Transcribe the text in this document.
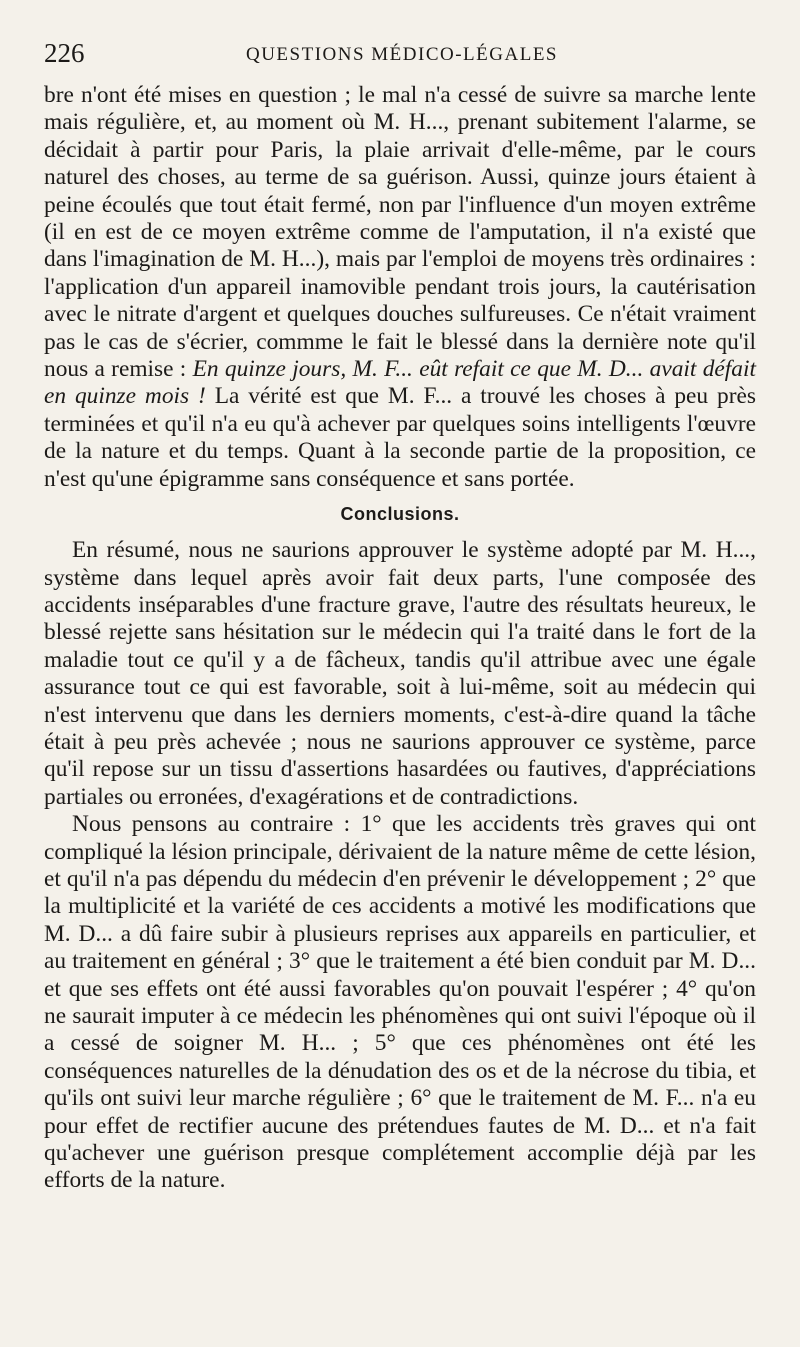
226	QUESTIONS MÉDICO-LÉGALES

bre n'ont été mises en question ; le mal n'a cessé de suivre sa marche lente mais régulière, et, au moment où M. H..., prenant subitement l'alarme, se décidait à partir pour Paris, la plaie arrivait d'elle-même, par le cours naturel des choses, au terme de sa guérison. Aussi, quinze jours étaient à peine écoulés que tout était fermé, non par l'influence d'un moyen extrême (il en est de ce moyen extrême comme de l'amputation, il n'a existé que dans l'imagination de M. H...), mais par l'emploi de moyens très ordinaires : l'application d'un appareil inamovible pendant trois jours, la cautérisation avec le nitrate d'argent et quelques douches sulfureuses. Ce n'était vraiment pas le cas de s'écrier, commme le fait le blessé dans la dernière note qu'il nous a remise : En quinze jours, M. F... eût refait ce que M. D... avait défait en quinze mois ! La vérité est que M. F... a trouvé les choses à peu près terminées et qu'il n'a eu qu'à achever par quelques soins intelligents l'œuvre de la nature et du temps. Quant à la seconde partie de la proposition, ce n'est qu'une épigramme sans conséquence et sans portée.

Conclusions.

En résumé, nous ne saurions approuver le système adopté par M. H..., système dans lequel après avoir fait deux parts, l'une composée des accidents inséparables d'une fracture grave, l'autre des résultats heureux, le blessé rejette sans hésitation sur le médecin qui l'a traité dans le fort de la maladie tout ce qu'il y a de fâcheux, tandis qu'il attribue avec une égale assurance tout ce qui est favorable, soit à lui-même, soit au médecin qui n'est intervenu que dans les derniers moments, c'est-à-dire quand la tâche était à peu près achevée ; nous ne saurions approuver ce système, parce qu'il repose sur un tissu d'assertions hasardées ou fautives, d'appréciations partiales ou erronées, d'exagérations et de contradictions.

Nous pensons au contraire : 1° que les accidents très graves qui ont compliqué la lésion principale, dérivaient de la nature même de cette lésion, et qu'il n'a pas dépendu du médecin d'en prévenir le développement ; 2° que la multiplicité et la variété de ces accidents a motivé les modifications que M. D... a dû faire subir à plusieurs reprises aux appareils en particulier, et au traitement en général ; 3° que le traitement a été bien conduit par M. D... et que ses effets ont été aussi favorables qu'on pouvait l'espérer ; 4° qu'on ne saurait imputer à ce médecin les phénomènes qui ont suivi l'époque où il a cessé de soigner M. H... ; 5° que ces phénomènes ont été les conséquences naturelles de la dénudation des os et de la nécrose du tibia, et qu'ils ont suivi leur marche régulière ; 6° que le traitement de M. F... n'a eu pour effet de rectifier aucune des prétendues fautes de M. D... et n'a fait qu'achever une guérison presque complétement accomplie déjà par les efforts de la nature.
